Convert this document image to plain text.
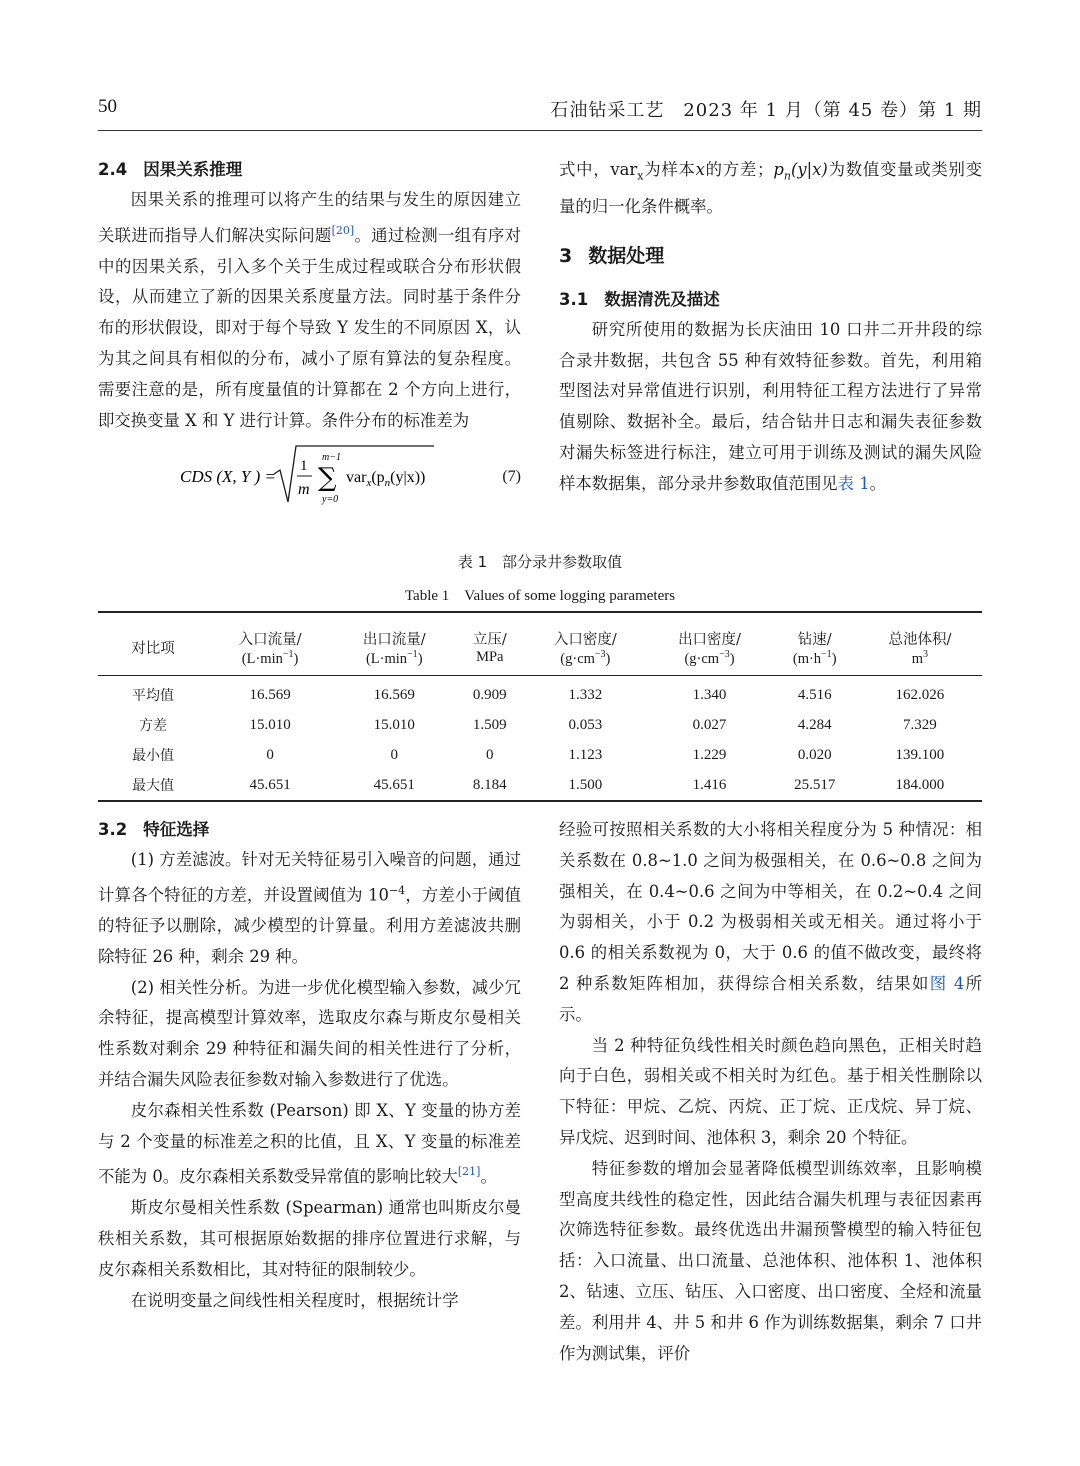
50	石油钻采工艺　2023 年 1 月（第 45 卷）第 1 期
2.4 因果关系推理

因果关系的推理可以将产生的结果与发生的原因建立关联进而指导人们解决实际问题[20]。通过检测一组有序对中的因果关系，引入多个关于生成过程或联合分布形状假设，从而建立了新的因果关系度量方法。同时基于条件分布的形状假设，即对于每个导致 Y 发生的不同原因 X，认为其之间具有相似的分布，减小了原有算法的复杂程度。需要注意的是，所有度量值的计算都在 2 个方向上进行，即交换变量 X 和 Y 进行计算。条件分布的标准差为

CDS (X, Y ) =
1
m
m−1
∑
y=0
$var_x(p_n(y|x))$	(7)

式中，var$_x$为样本x的方差；$p_n(y|x)$为数值变量或类别变量的归一化条件概率。

3 数据处理
3.1 数据清洗及描述

研究所使用的数据为长庆油田 10 口井二开井段的综合录井数据，共包含 55 种有效特征参数。首先，利用箱型图法对异常值进行识别，利用特征工程方法进行了异常值剔除、数据补全。最后，结合钻井日志和漏失表征参数对漏失标签进行标注，建立可用于训练及测试的漏失风险样本数据集，部分录井参数取值范围见表 1。

表 1　部分录井参数取值
Table 1　Values of some logging parameters
对比项	入口流量/	出口流量/	立压/	入口密度/	出口密度/	钻速/	总池体积/
	$(L\cdot\min^{-1})$	$(L\cdot\min^{-1})$	MPa	$(g\cdot cm^{-3})$	$(g\cdot cm^{-3})$	$(m\cdot h^{-1})$	$m^3$
平均值	16.569	16.569	0.909	1.332	1.340	4.516	162.026
方差	15.010	15.010	1.509	0.053	0.027	4.284	7.329
最小值	0	0	0	1.123	1.229	0.020	139.100
最大值	45.651	45.651	8.184	1.500	1.416	25.517	184.000
3.2 特征选择

(1) 方差滤波。针对无关特征易引入噪音的问题，通过计算各个特征的方差，并设置阈值为 $10^{-4}$，方差小于阈值的特征予以删除，减少模型的计算量。利用方差滤波共删除特征 26 种，剩余 29 种。

(2) 相关性分析。为进一步优化模型输入参数，减少冗余特征，提高模型计算效率，选取皮尔森与斯皮尔曼相关性系数对剩余 29 种特征和漏失间的相关性进行了分析，并结合漏失风险表征参数对输入参数进行了优选。

皮尔森相关性系数 (Pearson) 即 X、Y 变量的协方差与 2 个变量的标准差之积的比值，且 X、Y 变量的标准差不能为 0。皮尔森相关系数受异常值的影响比较大[21]。

斯皮尔曼相关性系数 (Spearman) 通常也叫斯皮尔曼秩相关系数，其可根据原始数据的排序位置进行求解，与皮尔森相关系数相比，其对特征的限制较少。

在说明变量之间线性相关程度时，根据统计学

经验可按照相关系数的大小将相关程度分为 5 种情况：相关系数在 0.8~1.0 之间为极强相关，在 0.6~0.8 之间为强相关，在 0.4~0.6 之间为中等相关，在 0.2~0.4 之间为弱相关，小于 0.2 为极弱相关或无相关。通过将小于 0.6 的相关系数视为 0，大于 0.6 的值不做改变，最终将 2 种系数矩阵相加，获得综合相关系数，结果如图 4所示。

当 2 种特征负线性相关时颜色趋向黑色，正相关时趋向于白色，弱相关或不相关时为红色。基于相关性删除以下特征：甲烷、乙烷、丙烷、正丁烷、正戊烷、异丁烷、异戊烷、迟到时间、池体积 3，剩余 20 个特征。

特征参数的增加会显著降低模型训练效率，且影响模型高度共线性的稳定性，因此结合漏失机理与表征因素再次筛选特征参数。最终优选出井漏预警模型的输入特征包括：入口流量、出口流量、总池体积、池体积 1、池体积 2、钻速、立压、钻压、入口密度、出口密度、全烃和流量差。利用井 4、井 5 和井 6 作为训练数据集，剩余 7 口井作为测试集，评价
